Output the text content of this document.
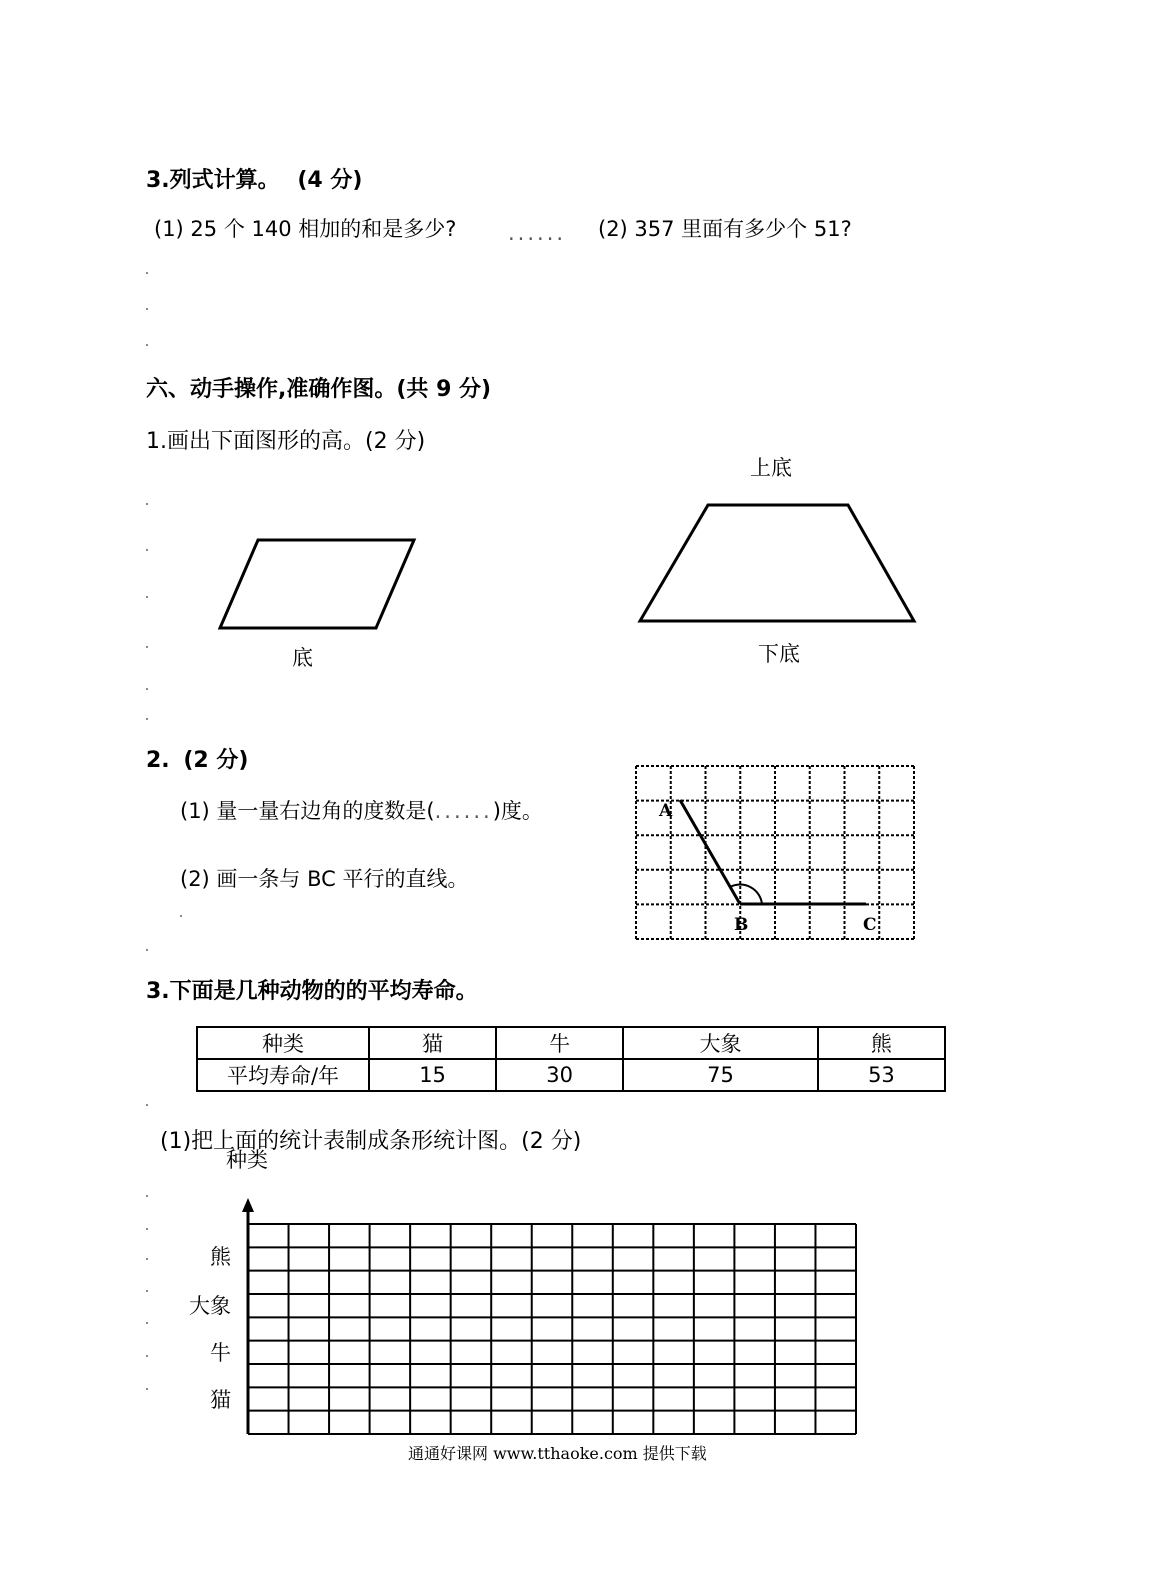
3.列式计算。 (4 分)
(1) 25 个 140 相加的和是多少? ...... (2) 357 里面有多少个 51?
六、动手操作,准确作图。(共 9 分)
1.画出下面图形的高。(2 分)
底
上底
下底
2. (2 分)
(1) 量一量右边角的度数是(......)度。
(2) 画一条与 BC 平行的直线。
A
B	C
3.下面是几种动物的的平均寿命。
种类	猫	牛	大象	熊
平均寿命/年	15	30	75	53
(1)把上面的统计表制成条形统计图。(2 分)
种类
熊
大象
牛
猫
通通好课网 www.tthaoke.com 提供下载
